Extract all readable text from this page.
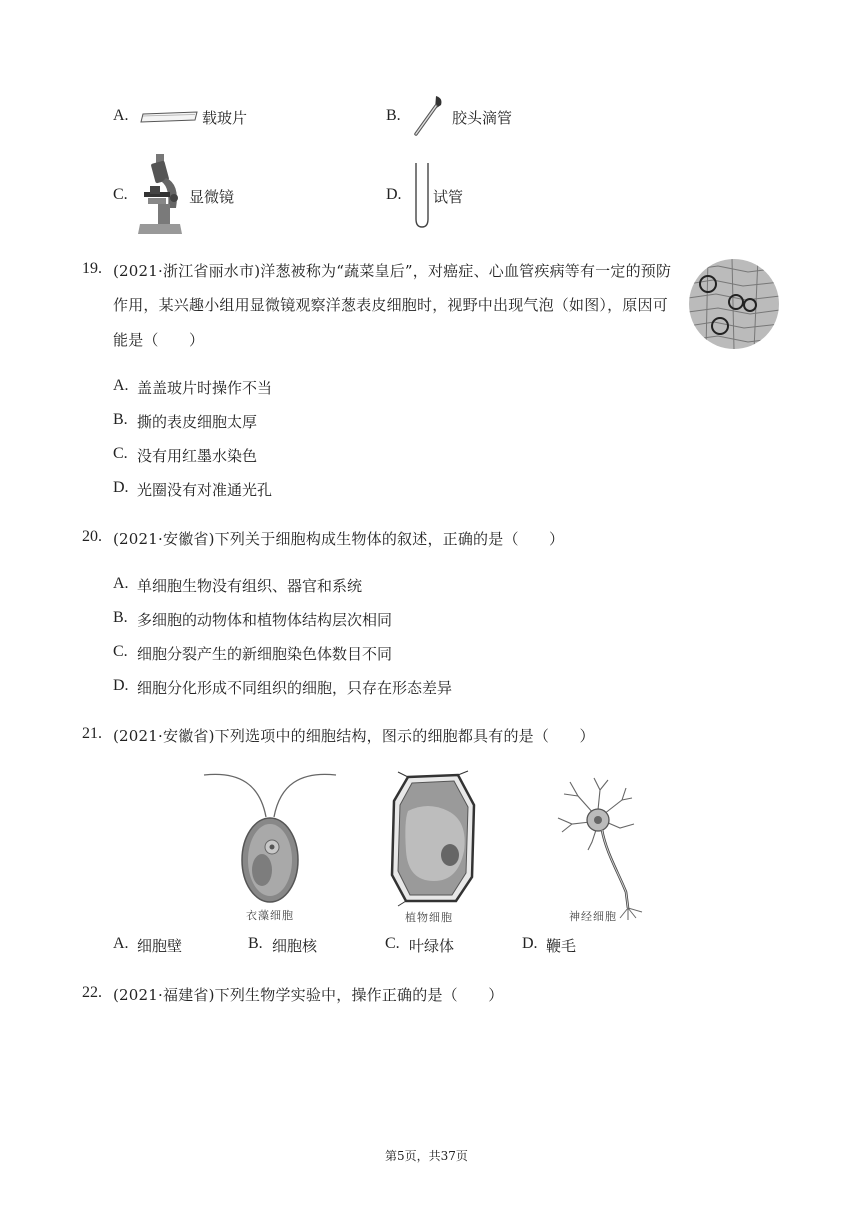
A.	载玻片	B.	胶头滴管
C.	显微镜	D. 试管
19. (2021·浙江省丽水市)洋葱被称为“蔬菜皇后”，对癌症、心血管疾病等有一定的预防
作用，某兴趣小组用显微镜观察洋葱表皮细胞时，视野中出现气泡（如图），原因可
能是（　　）
A. 盖盖玻片时操作不当
B. 撕的表皮细胞太厚
C. 没有用红墨水染色
D. 光圈没有对准通光孔
20. (2021·安徽省)下列关于细胞构成生物体的叙述，正确的是（　　）
A. 单细胞生物没有组织、器官和系统
B. 多细胞的动物体和植物体结构层次相同
C. 细胞分裂产生的新细胞染色体数目不同
D. 细胞分化形成不同组织的细胞，只存在形态差异
21. (2021·安徽省)下列选项中的细胞结构，图示的细胞都具有的是（　　）
衣藻细胞	植物细胞	神经细胞
A. 细胞壁	B. 细胞核	C. 叶绿体	D. 鞭毛
22. (2021·福建省)下列生物学实验中，操作正确的是（　　）
第5页，共37页
